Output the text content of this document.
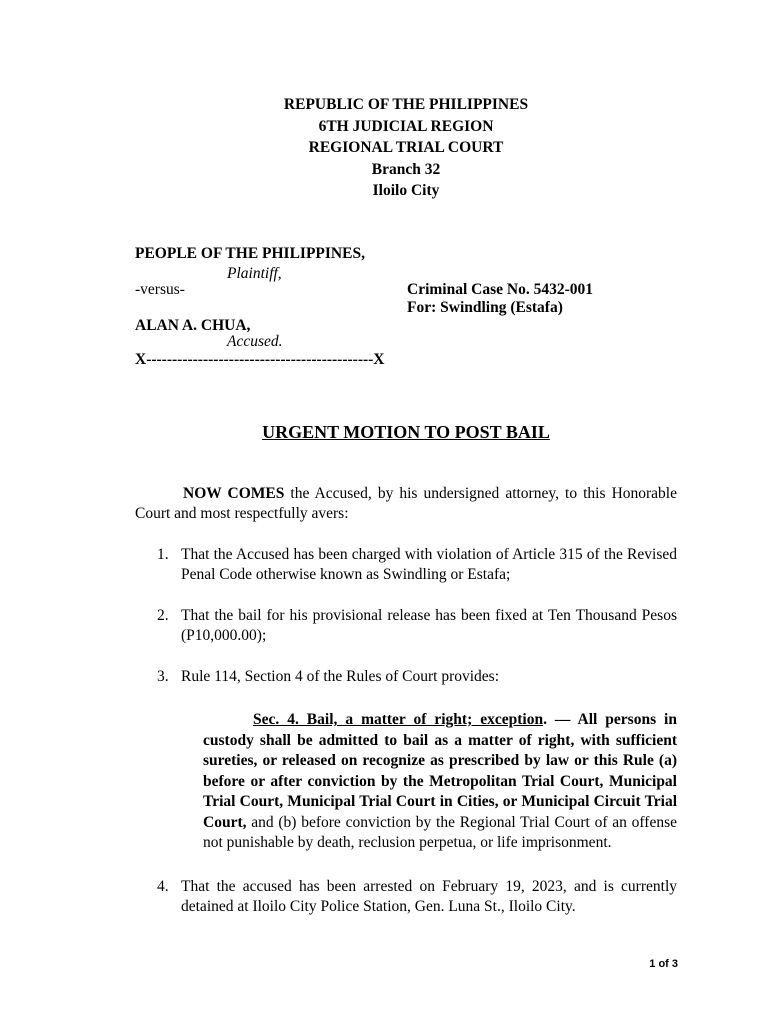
REPUBLIC OF THE PHILIPPINES
6TH JUDICIAL REGION
REGIONAL TRIAL COURT
Branch 32
Iloilo City
PEOPLE OF THE PHILIPPINES,
Plaintiff,
-versus-	Criminal Case No. 5432-001
For: Swindling (Estafa)
ALAN A. CHUA,
Accused.
X--------------------------------------------X
URGENT MOTION TO POST BAIL

NOW COMES the Accused, by his undersigned attorney, to this Honorable Court and most respectfully avers:

1. That the Accused has been charged with violation of Article 315 of the Revised Penal Code otherwise known as Swindling or Estafa;
2. That the bail for his provisional release has been fixed at Ten Thousand Pesos (P10,000.00);
3. Rule 114, Section 4 of the Rules of Court provides:

Sec. 4. Bail, a matter of right; exception. — All persons in custody shall be admitted to bail as a matter of right, with sufficient sureties, or released on recognize as prescribed by law or this Rule (a) before or after conviction by the Metropolitan Trial Court, Municipal Trial Court, Municipal Trial Court in Cities, or Municipal Circuit Trial Court, and (b) before conviction by the Regional Trial Court of an offense not punishable by death, reclusion perpetua, or life imprisonment.

4. That the accused has been arrested on February 19, 2023, and is currently detained at Iloilo City Police Station, Gen. Luna St., Iloilo City.
1 of 3
